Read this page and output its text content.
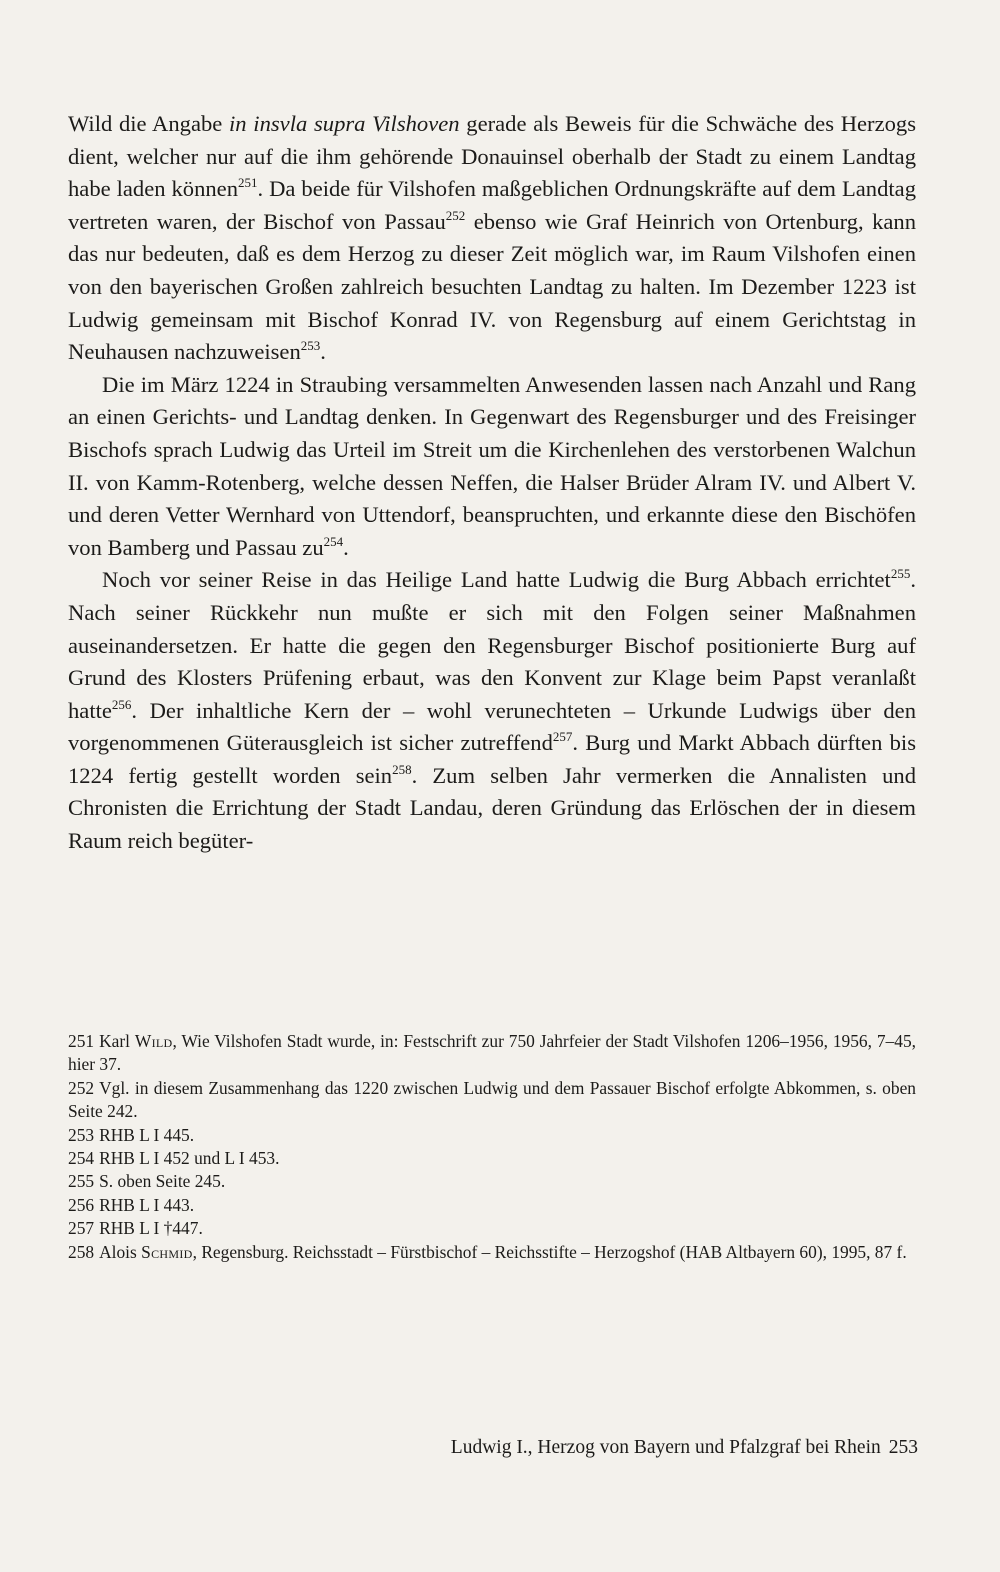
Wild die Angabe in insvla supra Vilshoven gerade als Beweis für die Schwäche des Herzogs dient, welcher nur auf die ihm gehörende Donauinsel oberhalb der Stadt zu einem Landtag habe laden können$^{251}$. Da beide für Vilshofen maßgeblichen Ordnungskräfte auf dem Landtag vertreten waren, der Bischof von Passau$^{252}$ ebenso wie Graf Heinrich von Ortenburg, kann das nur bedeuten, daß es dem Herzog zu dieser Zeit möglich war, im Raum Vilshofen einen von den bayerischen Großen zahlreich besuchten Landtag zu halten. Im Dezember 1223 ist Ludwig gemeinsam mit Bischof Konrad IV. von Regensburg auf einem Gerichtstag in Neuhausen nachzuweisen$^{253}$.

Die im März 1224 in Straubing versammelten Anwesenden lassen nach Anzahl und Rang an einen Gerichts- und Landtag denken. In Gegenwart des Regensburger und des Freisinger Bischofs sprach Ludwig das Urteil im Streit um die Kirchenlehen des verstorbenen Walchun II. von Kamm-Rotenberg, welche dessen Neffen, die Halser Brüder Alram IV. und Albert V. und deren Vetter Wernhard von Uttendorf, beanspruchten, und erkannte diese den Bischöfen von Bamberg und Passau $zu^{254}$.

Noch vor seiner Reise in das Heilige Land hatte Ludwig die Burg Abbach errichtet$^{255}$. Nach seiner Rückkehr nun mußte er sich mit den Folgen seiner Maßnahmen auseinandersetzen. Er hatte die gegen den Regensburger Bischof positionierte Burg auf Grund des Klosters Prüfening erbaut, was den Konvent zur Klage beim Papst veranlaßt hatte$^{256}$. Der inhaltliche Kern der – wohl verunechteten – Urkunde Ludwigs über den vorgenommenen Güterausgleich ist sicher zutreffend$^{257}$. Burg und Markt Abbach dürften bis 1224 fertig gestellt worden sein$^{258}$. Zum selben Jahr vermerken die Annalisten und Chronisten die Errichtung der Stadt Landau, deren Gründung das Erlöschen der in diesem Raum reich begüter-

251 Karl Wild, Wie Vilshofen Stadt wurde, in: Festschrift zur 750 Jahrfeier der Stadt Vilshofen 1206–1956, 1956, 7–45, hier 37.

252 Vgl. in diesem Zusammenhang das 1220 zwischen Ludwig und dem Passauer Bischof erfolgte Abkommen, s. oben Seite 242.

253 RHB L I 445.

254 RHB L I 452 und L I 453.

255 S. oben Seite 245.

256 RHB L I 443.

257 RHB L I †447.

258 Alois Schmid, Regensburg. Reichsstadt – Fürstbischof – Reichsstifte – Herzogshof (HAB Altbayern 60), 1995, 87 f.

Ludwig I., Herzog von Bayern und Pfalzgraf bei Rhein 253
